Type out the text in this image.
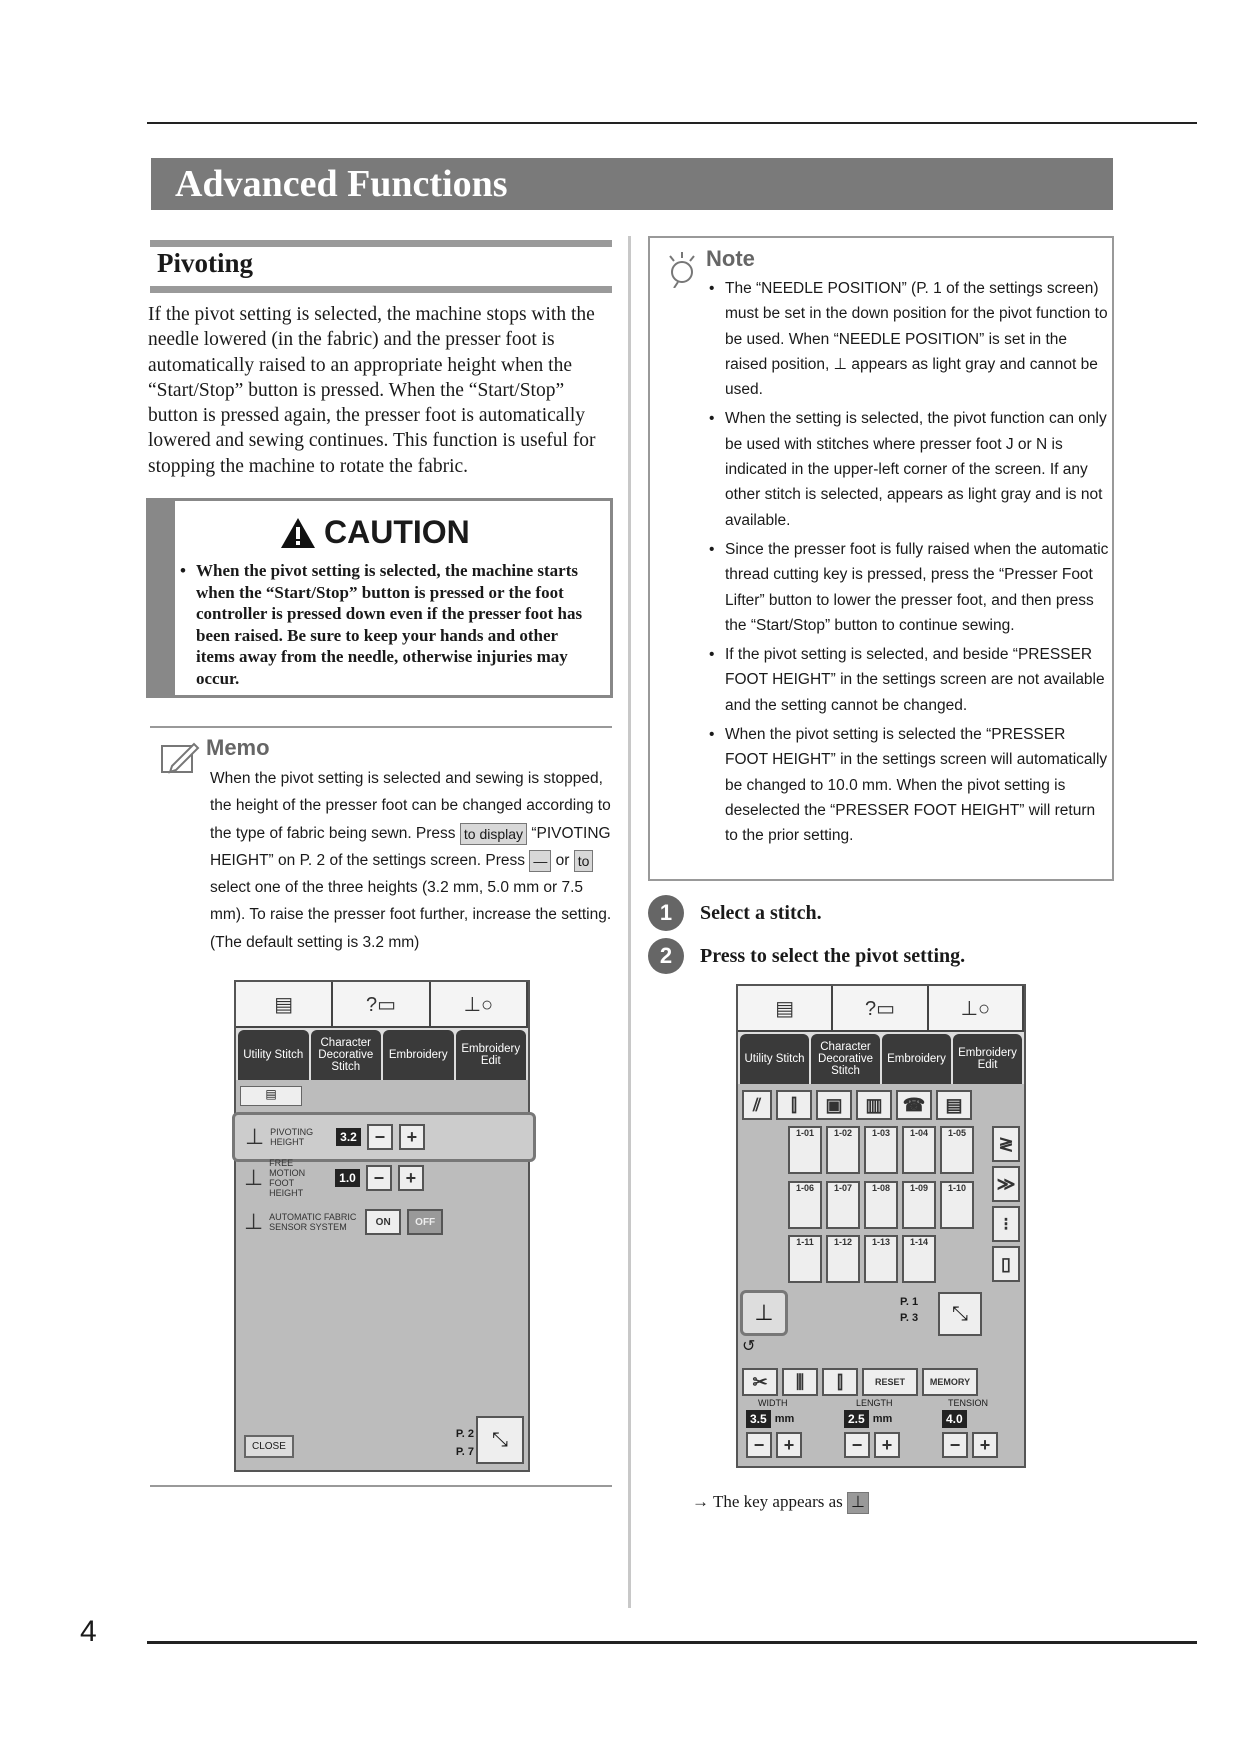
Advanced Functions
Pivoting
If the pivot setting is selected, the machine stops with the needle lowered (in the fabric) and the presser foot is automatically raised to an appropriate height when the “Start/Stop” button is pressed. When the “Start/Stop” button is pressed again, the presser foot is automatically lowered and sewing continues. This function is useful for stopping the machine to rotate the fabric.
CAUTION
• When the pivot setting is selected, the machine starts when the “Start/Stop” button is pressed or the foot controller is pressed down even if the presser foot has been raised. Be sure to keep your hands and other items away from the needle, otherwise injuries may occur.
Memo
When the pivot setting is selected and sewing is stopped, the height of the presser foot can be changed according to the type of fabric being sewn. Press to display “PIVOTING HEIGHT” on P. 2 of the settings screen. Press — or to select one of the three heights (3.2 mm, 5.0 mm or 7.5 mm). To raise the presser foot further, increase the setting. (The default setting is 3.2 mm)
▤	?▭	⊥○
Utility Stitch
Character Decorative Stitch
Embroidery	Embroidery Edit
▤
⊥ PIVOTING HEIGHT	3.2 −	+
⊥
FREE MOTION FOOT HEIGHT
1.0 −	+
⊥ AUTOMATIC FABRIC SENSOR SYSTEM	ON	OFF
CLOSE
P. 2
P. 7
⤡
Note
• The “NEEDLE POSITION” (P. 1 of the settings screen) must be set in the down position for the pivot function to be used. When “NEEDLE POSITION” is set in the raised position, ⊥ appears as light gray and cannot be used.
• When the setting is selected, the pivot function can only be used with stitches where presser foot J or N is indicated in the upper-left corner of the screen. If any other stitch is selected, appears as light gray and is not available.
• Since the presser foot is fully raised when the automatic thread cutting key is pressed, press the “Presser Foot Lifter” button to lower the presser foot, and then press the “Start/Stop” button to continue sewing.
• If the pivot setting is selected, and beside “PRESSER FOOT HEIGHT” in the settings screen are not available and the setting cannot be changed.
• When the pivot setting is selected the “PRESSER FOOT HEIGHT” in the settings screen will automatically be changed to 10.0 mm. When the pivot setting is deselected the “PRESSER FOOT HEIGHT” will return to the prior setting.
1	Select a stitch.
2	Press to select the pivot setting.
▤	?▭	⊥○
Utility Stitch
Character Decorative Stitch
Embroidery	Embroidery Edit
⫽	⫿	▣	▥	☎	▤
1-01	1-02	1-03	1-04	1-05
1-06	1-07	1-08	1-09	1-10
1-11	1-12	1-13	1-14
≷
≫
⁝
▯
⊥	P. 1
P. 3	⤡
↺
✂	⫼	⫿	RESET	MEMORY
WIDTH	LENGTH	TENSION
3.5 mm	2.5 mm	4.0
−	+	−	+	−	+
→ The key appears as ⊥
4
